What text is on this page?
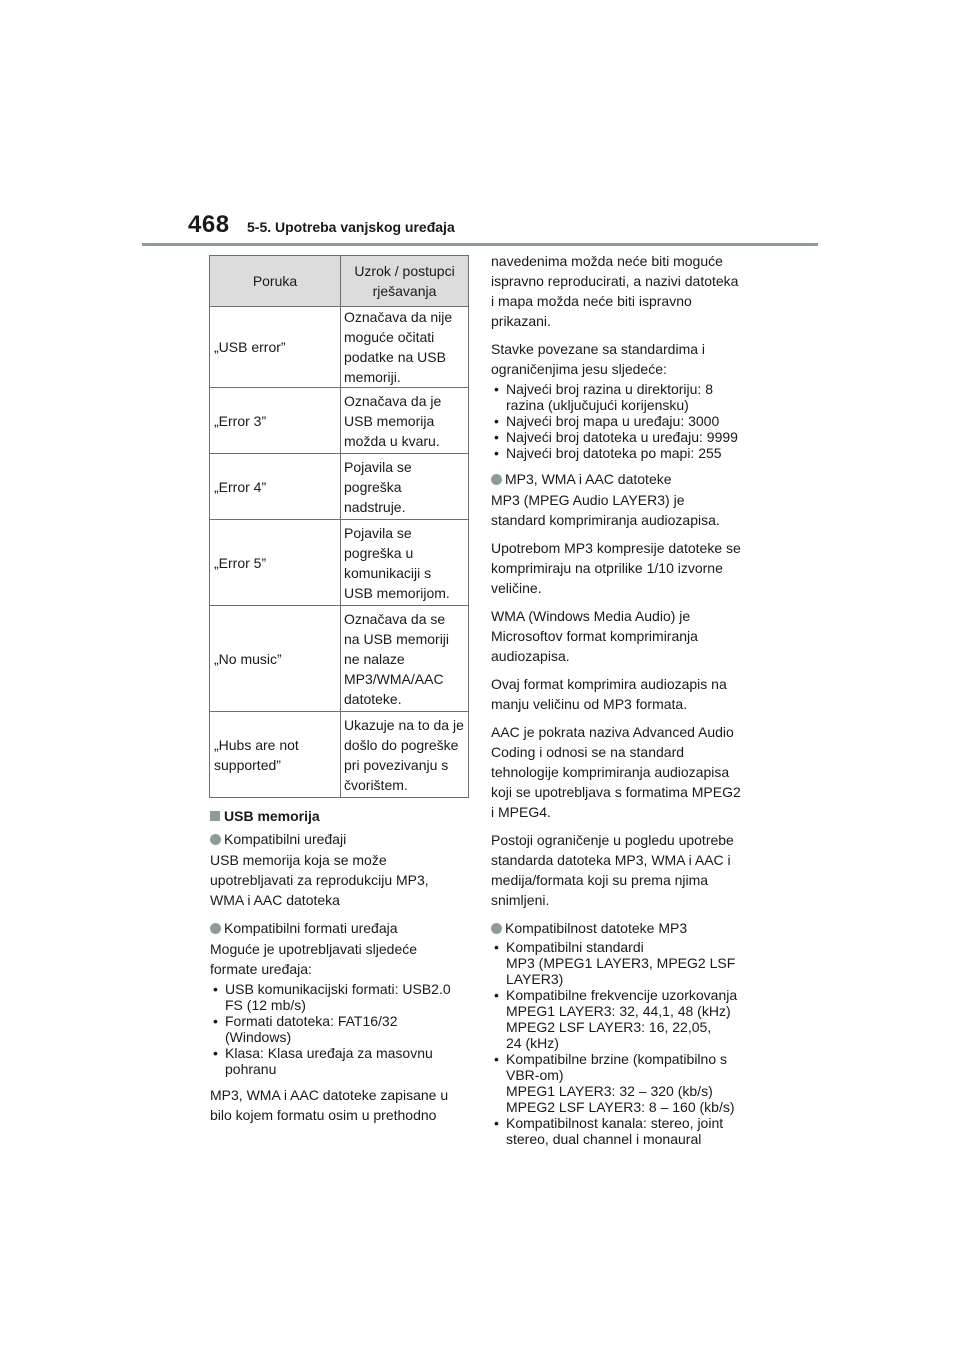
468 5-5. Upotreba vanjskog uređaja
Poruka	Uzrok / postupci rješavanja
„USB error”	Označava da nije
moguće očitati
podatke na USB
memoriji.

„Error 3”	Označava da je
USB memorija
možda u kvaru.

„Error 4”	Pojavila se
pogreška
nadstruje.

„Error 5”	Pojavila se
pogreška u
komunikaciji s
USB memorijom.

„No music”	Označava da se
na USB memoriji
ne nalaze
MP3/WMA/AAC
datoteke.

„Hubs are not
supported”	Ukazuje na to da je
došlo do pogreške
pri povezivanju s
čvorištem.
USB memorija
Kompatibilni uređaji
USB memorija koja se može
upotrebljavati za reprodukciju MP3,
WMA i AAC datoteka
Kompatibilni formati uređaja
Moguće je upotrebljavati sljedeće
formate uređaja:
• USB komunikacijski formati: USB2.0
FS (12 mb/s)
• Formati datoteka: FAT16/32
(Windows)
• Klasa: Klasa uređaja za masovnu
pohranu
MP3, WMA i AAC datoteke zapisane u
bilo kojem formatu osim u prethodno
navedenima možda neće biti moguće
ispravno reproducirati, a nazivi datoteka
i mapa možda neće biti ispravno
prikazani.
Stavke povezane sa standardima i
ograničenjima jesu sljedeće:
• Najveći broj razina u direktoriju: 8
razina (uključujući korijensku)
• Najveći broj mapa u uređaju: 3000
• Najveći broj datoteka u uređaju: 9999
• Najveći broj datoteka po mapi: 255
MP3, WMA i AAC datoteke
MP3 (MPEG Audio LAYER3) je
standard komprimiranja audiozapisa.
Upotrebom MP3 kompresije datoteke se
komprimiraju na otprilike 1/10 izvorne
veličine.
WMA (Windows Media Audio) je
Microsoftov format komprimiranja
audiozapisa.
Ovaj format komprimira audiozapis na
manju veličinu od MP3 formata.
AAC je pokrata naziva Advanced Audio
Coding i odnosi se na standard
tehnologije komprimiranja audiozapisa
koji se upotrebljava s formatima MPEG2
i MPEG4.
Postoji ograničenje u pogledu upotrebe
standarda datoteka MP3, WMA i AAC i
medija/formata koji su prema njima
snimljeni.
Kompatibilnost datoteke MP3
• Kompatibilni standardi
MP3 (MPEG1 LAYER3, MPEG2 LSF
LAYER3)
• Kompatibilne frekvencije uzorkovanja
MPEG1 LAYER3: 32, 44,1, 48 (kHz)
MPEG2 LSF LAYER3: 16, 22,05,
24 (kHz)
• Kompatibilne brzine (kompatibilno s
VBR-om)
MPEG1 LAYER3: 32 – 320 (kb/s)
MPEG2 LSF LAYER3: 8 – 160 (kb/s)
• Kompatibilnost kanala: stereo, joint
stereo, dual channel i monaural
